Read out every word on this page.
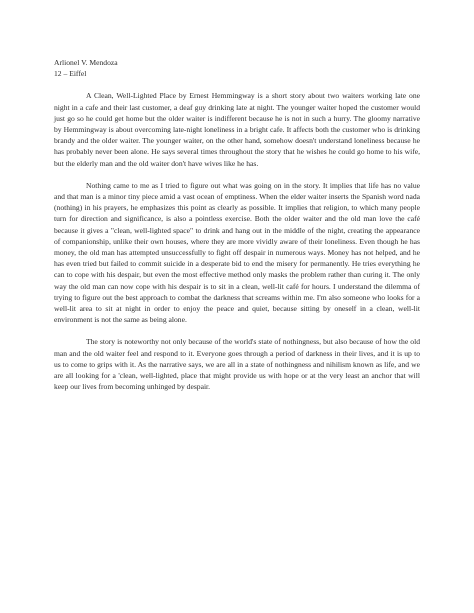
Arlionel V. Mendoza
12 – Eiffel

A Clean, Well-Lighted Place by Ernest Hemmingway is a short story about two waiters working late one night in a cafe and their last customer, a deaf guy drinking late at night. The younger waiter hoped the customer would just go so he could get home but the older waiter is indifferent because he is not in such a hurry. The gloomy narrative by Hemmingway is about overcoming late-night loneliness in a bright cafe. It affects both the customer who is drinking brandy and the older waiter. The younger waiter, on the other hand, somehow doesn't understand loneliness because he has probably never been alone. He says several times throughout the story that he wishes he could go home to his wife, but the elderly man and the old waiter don't have wives like he has.

Nothing came to me as I tried to figure out what was going on in the story. It implies that life has no value and that man is a minor tiny piece amid a vast ocean of emptiness. When the elder waiter inserts the Spanish word nada (nothing) in his prayers, he emphasizes this point as clearly as possible. It implies that religion, to which many people turn for direction and significance, is also a pointless exercise. Both the older waiter and the old man love the café because it gives a "clean, well-lighted space" to drink and hang out in the middle of the night, creating the appearance of companionship, unlike their own houses, where they are more vividly aware of their loneliness. Even though he has money, the old man has attempted unsuccessfully to fight off despair in numerous ways. Money has not helped, and he has even tried but failed to commit suicide in a desperate bid to end the misery for permanently. He tries everything he can to cope with his despair, but even the most effective method only masks the problem rather than curing it. The only way the old man can now cope with his despair is to sit in a clean, well-lit café for hours. I understand the dilemma of trying to figure out the best approach to combat the darkness that screams within me. I'm also someone who looks for a well-lit area to sit at night in order to enjoy the peace and quiet, because sitting by oneself in a clean, well-lit environment is not the same as being alone.

The story is noteworthy not only because of the world's state of nothingness, but also because of how the old man and the old waiter feel and respond to it. Everyone goes through a period of darkness in their lives, and it is up to us to come to grips with it. As the narrative says, we are all in a state of nothingness and nihilism known as life, and we are all looking for a 'clean, well-lighted, place that might provide us with hope or at the very least an anchor that will keep our lives from becoming unhinged by despair.
